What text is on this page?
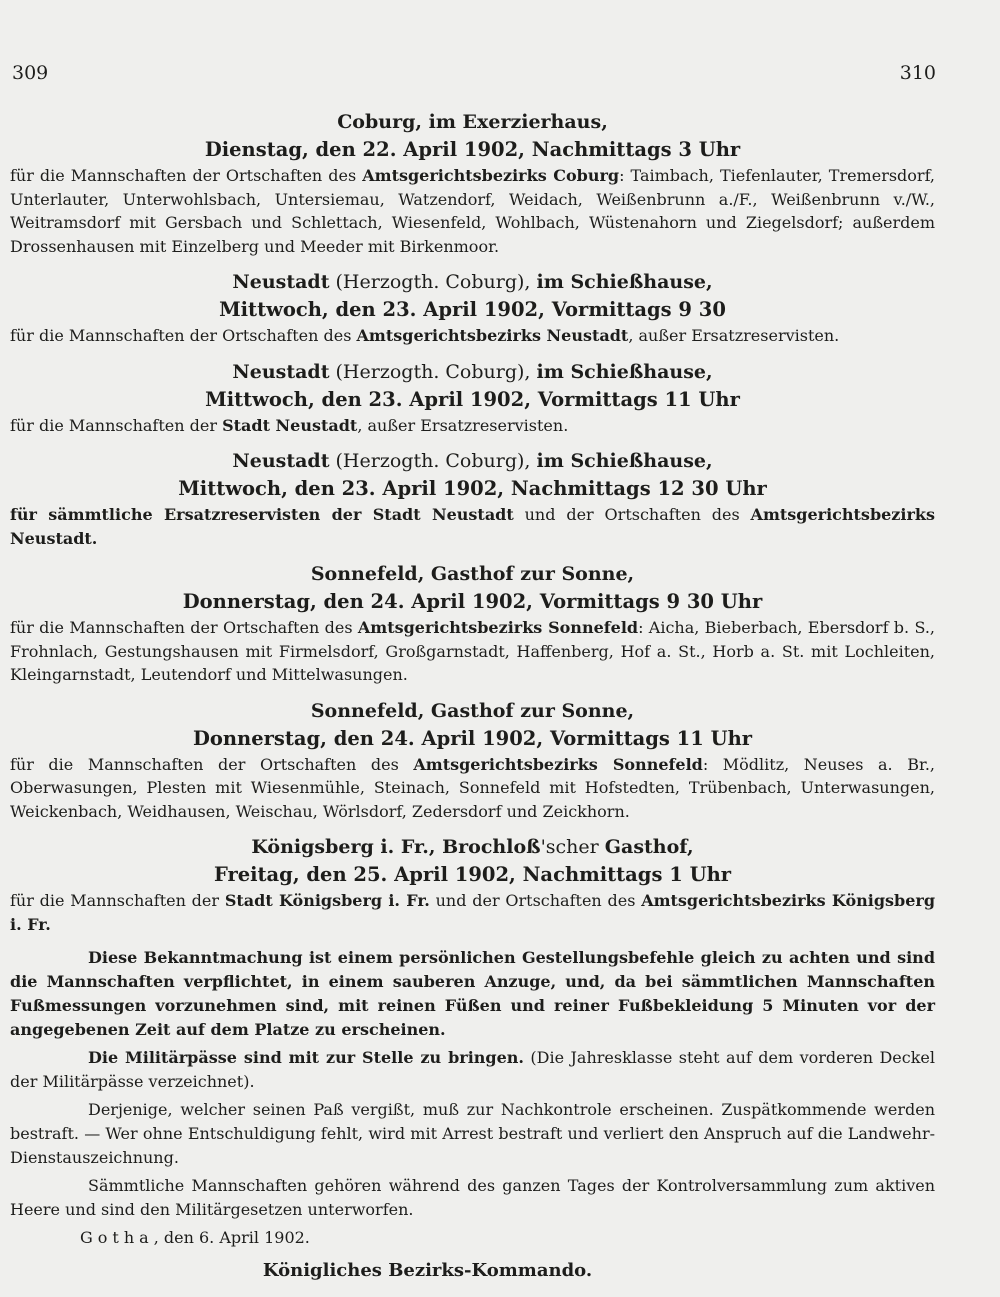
309	310
Coburg, im Exerzierhaus,
Dienstag, den 22. April 1902, Nachmittags 3 Uhr
für die Mannschaften der Ortschaften des Amtsgerichtsbezirks Coburg: Taimbach, Tiefenlauter, Tremersdorf, Unterlauter, Unterwohlsbach, Untersiemau, Watzendorf, Weidach, Weißenbrunn a./F., Weißenbrunn v./W., Weitramsdorf mit Gersbach und Schlettach, Wiesenfeld, Wohlbach, Wüstenahorn und Ziegelsdorf; außerdem Drossenhausen mit Einzelberg und Meeder mit Birkenmoor.
Neustadt (Herzogth. Coburg), im Schießhause,
Mittwoch, den 23. April 1902, Vormittags 9 30
für die Mannschaften der Ortschaften des Amtsgerichtsbezirks Neustadt, außer Ersatzreservisten.
Neustadt (Herzogth. Coburg), im Schießhause,
Mittwoch, den 23. April 1902, Vormittags 11 Uhr
für die Mannschaften der Stadt Neustadt, außer Ersatzreservisten.
Neustadt (Herzogth. Coburg), im Schießhause,
Mittwoch, den 23. April 1902, Nachmittags 12 30 Uhr
für sämmtliche Ersatzreservisten der Stadt Neustadt und der Ortschaften des Amtsgerichtsbezirks Neustadt.
Sonnefeld, Gasthof zur Sonne,
Donnerstag, den 24. April 1902, Vormittags 9 30 Uhr
für die Mannschaften der Ortschaften des Amtsgerichtsbezirks Sonnefeld: Aicha, Bieberbach, Ebersdorf b. S., Frohnlach, Gestungshausen mit Firmelsdorf, Großgarnstadt, Haffenberg, Hof a. St., Horb a. St. mit Lochleiten, Kleingarnstadt, Leutendorf und Mittelwasungen.
Sonnefeld, Gasthof zur Sonne,
Donnerstag, den 24. April 1902, Vormittags 11 Uhr
für die Mannschaften der Ortschaften des Amtsgerichtsbezirks Sonnefeld: Mödlitz, Neuses a. Br., Oberwasungen, Plesten mit Wiesenmühle, Steinach, Sonnefeld mit Hofstedten, Trübenbach, Unterwasungen, Weickenbach, Weidhausen, Weischau, Wörlsdorf, Zedersdorf und Zeickhorn.
Königsberg i. Fr., Brochloß'scher Gasthof,
Freitag, den 25. April 1902, Nachmittags 1 Uhr
für die Mannschaften der Stadt Königsberg i. Fr. und der Ortschaften des Amtsgerichtsbezirks Königsberg i. Fr.
Diese Bekanntmachung ist einem persönlichen Gestellungsbefehle gleich zu achten und sind die Mannschaften verpflichtet, in einem sauberen Anzuge, und, da bei sämmtlichen Mannschaften Fußmessungen vorzunehmen sind, mit reinen Füßen und reiner Fußbekleidung 5 Minuten vor der angegebenen Zeit auf dem Platze zu erscheinen.
Die Militärpässe sind mit zur Stelle zu bringen. (Die Jahresklasse steht auf dem vorderen Deckel der Militärpässe verzeichnet).
Derjenige, welcher seinen Paß vergißt, muß zur Nachkontrole erscheinen. Zuspätkommende werden bestraft. — Wer ohne Entschuldigung fehlt, wird mit Arrest bestraft und verliert den Anspruch auf die Landwehr-Dienstauszeichnung.
Sämmtliche Mannschaften gehören während des ganzen Tages der Kontrolversammlung zum aktiven Heere und sind den Militärgesetzen unterworfen.
Gotha, den 6. April 1902.
Königliches Bezirks-Kommando.
